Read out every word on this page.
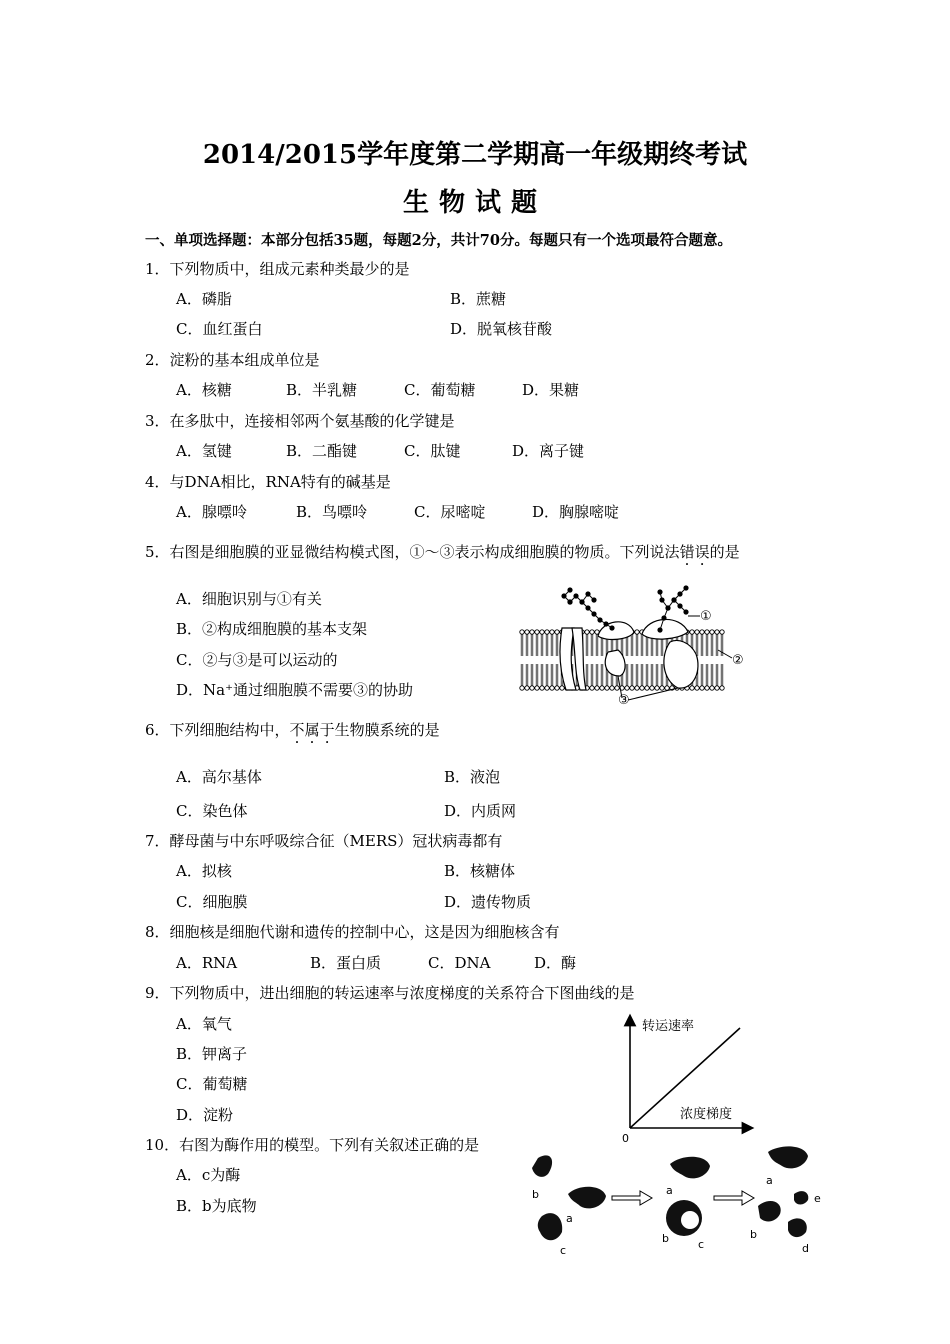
2014/2015学年度第二学期高一年级期终考试
生物试题
一、单项选择题：本部分包括35题，每题2分，共计70分。每题只有一个选项最符合题意。
1．下列物质中，组成元素种类最少的是
A．磷脂	B．蔗糖
C．血红蛋白	D．脱氧核苷酸
2．淀粉的基本组成单位是
A．核糖	B．半乳糖	C．葡萄糖	D．果糖
3．在多肽中，连接相邻两个氨基酸的化学键是
A．氢键	B．二酯键	C．肽键	D．离子键
4．与DNA相比，RNA特有的碱基是
A．腺嘌呤	B．鸟嘌呤	C．尿嘧啶	D．胸腺嘧啶
5．右图是细胞膜的亚显微结构模式图，①～③表示构成细胞膜的物质。下列说法错误的是
A．细胞识别与①有关
B．②构成细胞膜的基本支架
C．②与③是可以运动的
D．Na⁺通过细胞膜不需要③的协助
①
②
③
6．下列细胞结构中，不属于生物膜系统的是
A．高尔基体	B．液泡
C．染色体	D．内质网
7．酵母菌与中东呼吸综合征（MERS）冠状病毒都有
A．拟核	B．核糖体
C．细胞膜	D．遗传物质
8．细胞核是细胞代谢和遗传的控制中心，这是因为细胞核含有
A．RNA	B．蛋白质	C．DNA	D．酶
9．下列物质中，进出细胞的转运速率与浓度梯度的关系符合下图曲线的是
A．氧气
B．钾离子
C．葡萄糖
D．淀粉
转运速率
浓度梯度
0
10．右图为酶作用的模型。下列有关叙述正确的是
A．c为酶
B．b为底物
b
a
c
a
b	c
a
b
e
d
